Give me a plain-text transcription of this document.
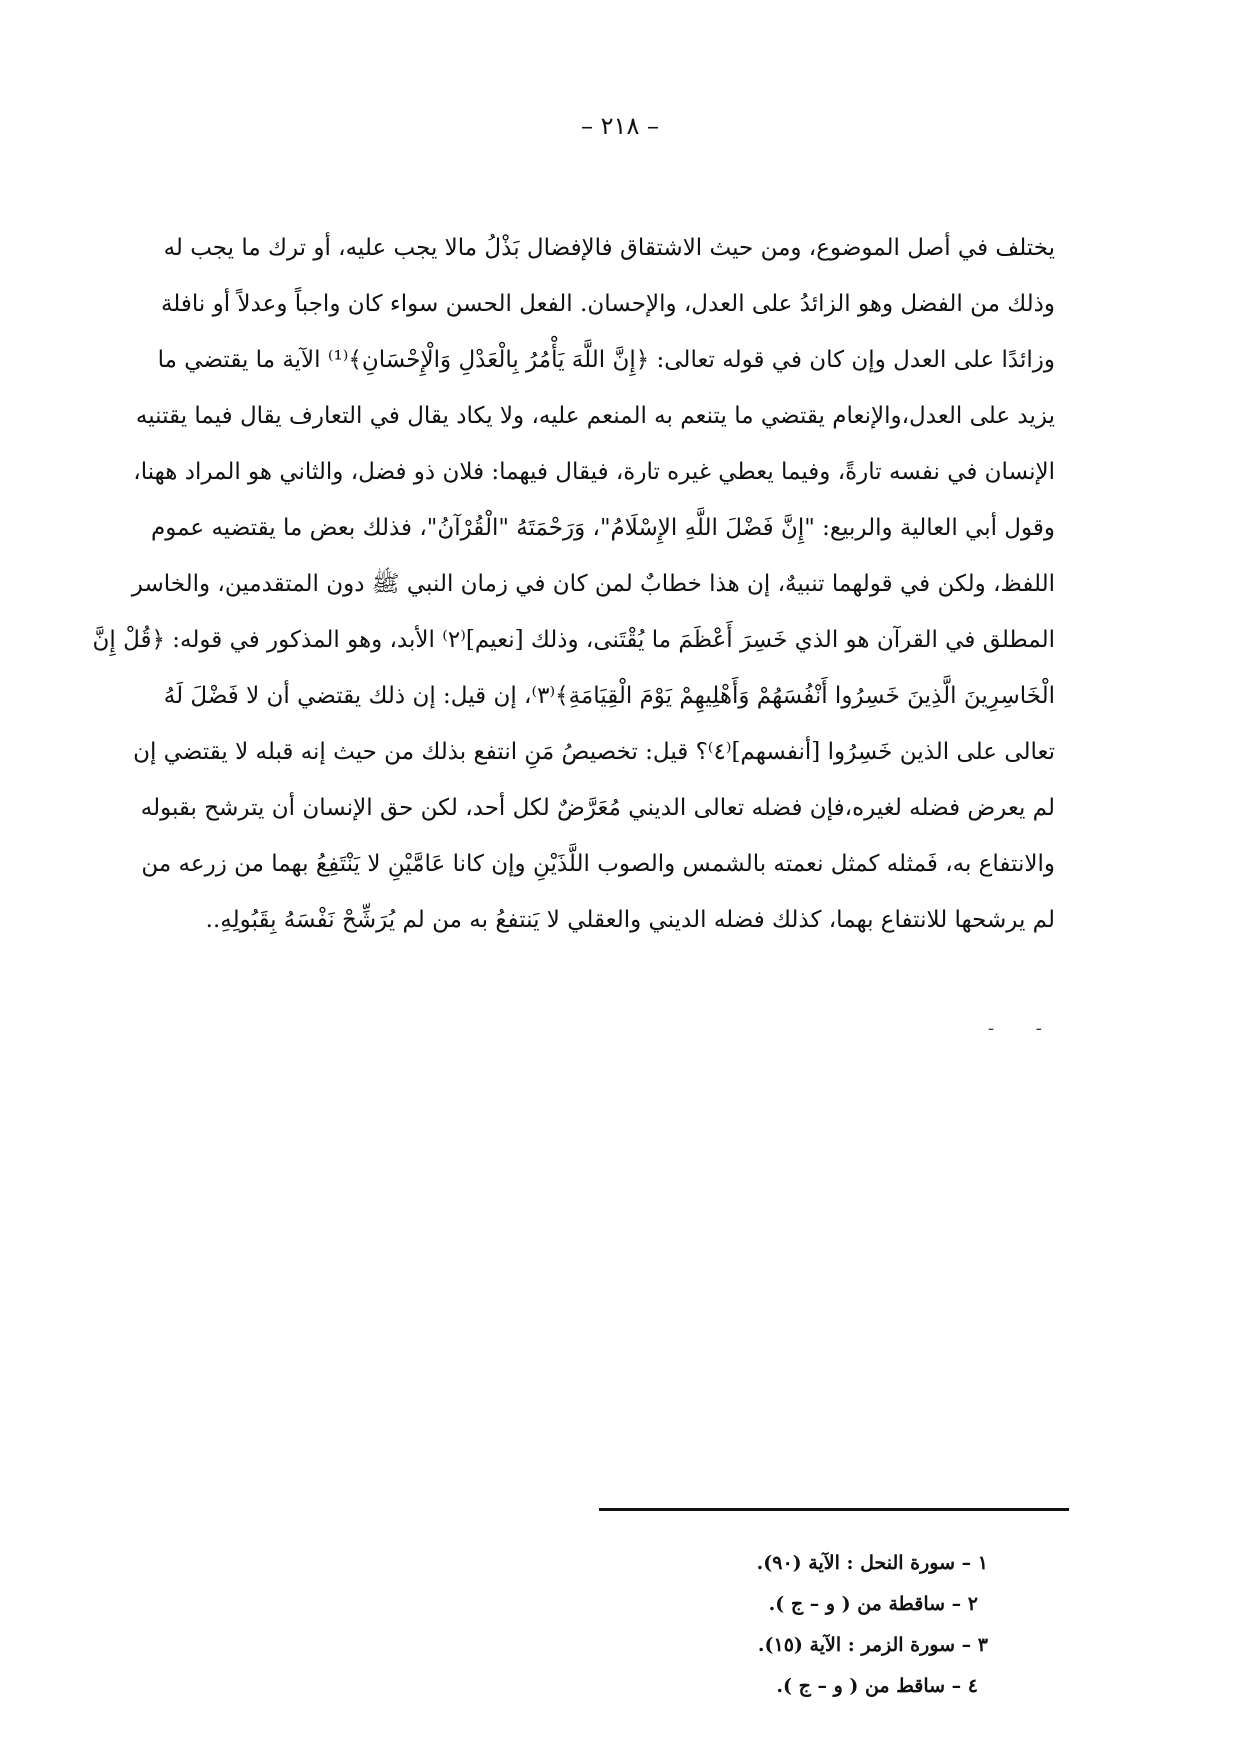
– ٢١٨ –
يختلف في أصل الموضوع، ومن حيث الاشتقاق فالإفضال بَذْلُ مالا يجب عليه، أو ترك ما يجب له
وذلك من الفضل وهو الزائدُ على العدل، والإحسان. الفعل الحسن سواء كان واجباً وعدلاً أو نافلة
وزائدًا على العدل وإن كان في قوله تعالى: ﴿إِنَّ اللَّهَ يَأْمُرُ بِالْعَدْلِ وَالْإِحْسَانِ﴾⁽¹⁾ الآية ما يقتضي ما
يزيد على العدل،والإنعام يقتضي ما يتنعم به المنعم عليه، ولا يكاد يقال في التعارف يقال فيما يقتنيه
الإنسان في نفسه تارةً، وفيما يعطي غيره تارة، فيقال فيهما: فلان ذو فضل، والثاني هو المراد ههنا،
وقول أبي العالية والربيع: "إِنَّ فَضْلَ اللَّهِ الإِسْلَامُ"، وَرَحْمَتَهُ "الْقُرْآنُ"، فذلك بعض ما يقتضيه عموم
اللفظ، ولكن في قولهما تنبيهٌ، إن هذا خطابٌ لمن كان في زمان النبي ﷺ دون المتقدمين، والخاسر
المطلق في القرآن هو الذي خَسِرَ أَعْظَمَ ما يُقْتَنى، وذلك [نعيم]⁽٢⁾ الأبد، وهو المذكور في قوله: ﴿قُلْ إِنَّ
الْخَاسِرِينَ الَّذِينَ خَسِرُوا أَنْفُسَهُمْ وَأَهْلِيهِمْ يَوْمَ الْقِيَامَةِ﴾⁽٣⁾، إن قيل: إن ذلك يقتضي أن لا فَضْلَ لَهُ
تعالى على الذين خَسِرُوا [أنفسهم]⁽٤⁾؟ قيل: تخصيصُ مَنِ انتفع بذلك من حيث إنه قبله لا يقتضي إن
لم يعرض فضله لغيره،فإن فضله تعالى الديني مُعَرَّضٌ لكل أحد، لكن حق الإنسان أن يترشح بقبوله
والانتفاع به، فَمثله كمثل نعمته بالشمس والصوب اللَّذَيْنِ وإن كانا عَامَّيْنِ لا يَنْتَفِعُ بهما من زرعه من
لم يرشحها للانتفاع بهما، كذلك فضله الديني والعقلي لا يَنتفعُ به من لم يُرَشِّحْ نَفْسَهُ بِقَبُولِهِ..
- -
١ – سورة النحل : الآية (٩٠).
٢ – ساقطة من ( و – ج ).
٣ – سورة الزمر : الآية (١٥).
٤ – ساقط من ( و – ج ).
